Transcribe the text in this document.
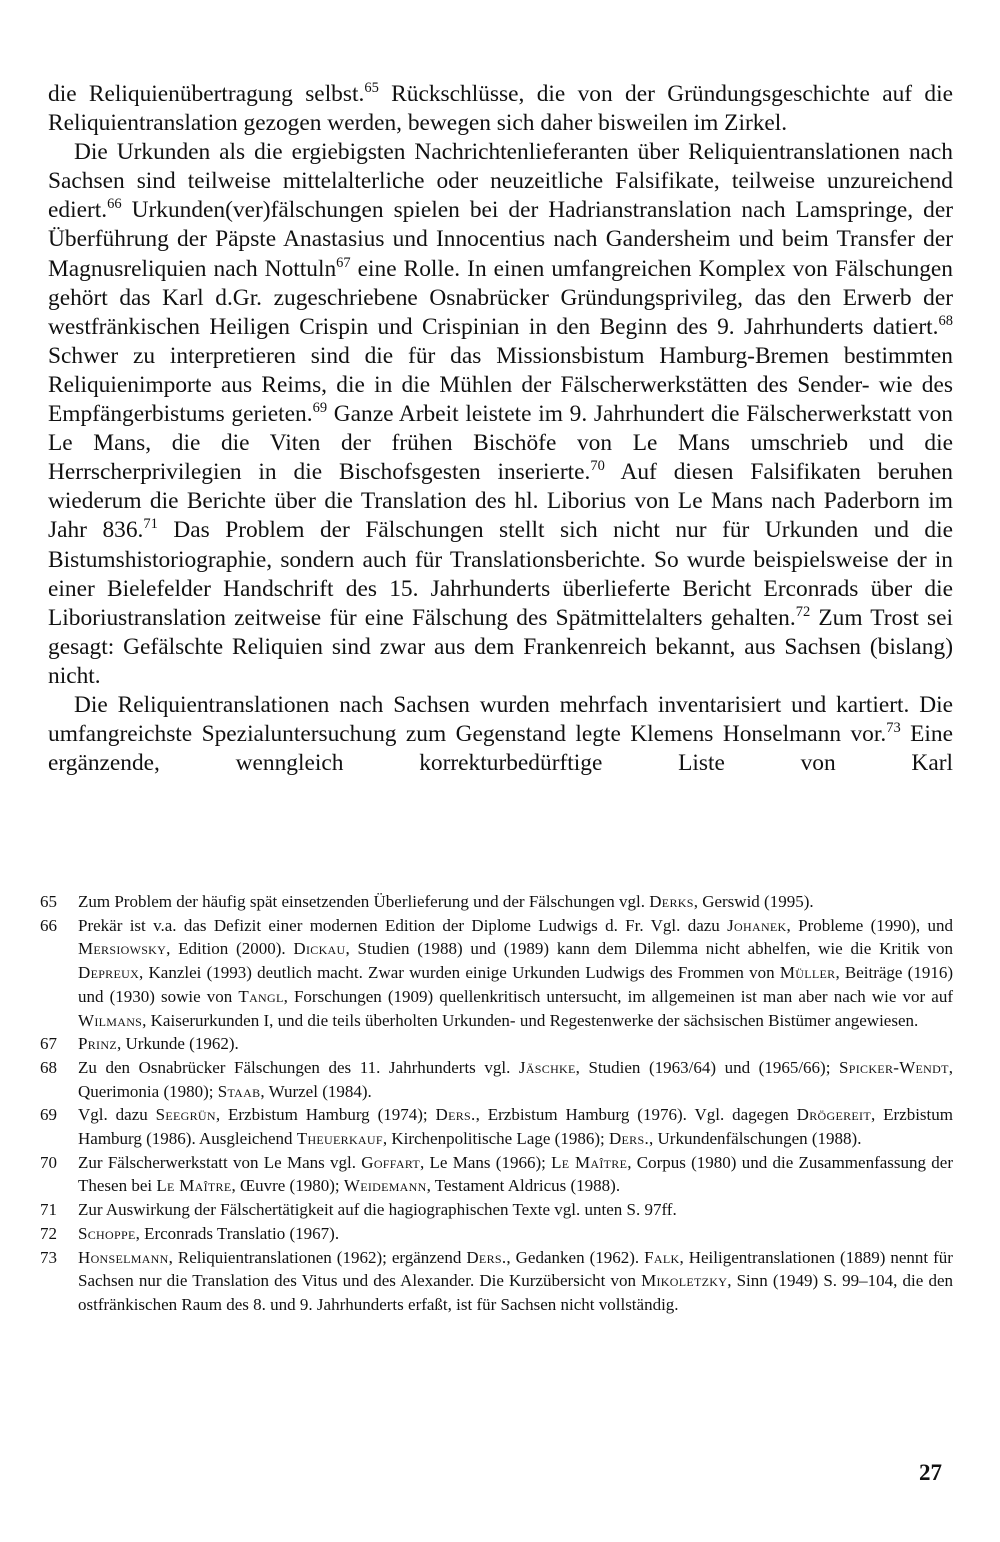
die Reliquienübertragung selbst.$^{65}$ Rückschlüsse, die von der Gründungsgeschichte auf die Reliquientranslation gezogen werden, bewegen sich daher bisweilen im Zirkel.

Die Urkunden als die ergiebigsten Nachrichtenlieferanten über Reliquientranslationen nach Sachsen sind teilweise mittelalterliche oder neuzeitliche Falsifikate, teilweise unzureichend ediert.$^{66}$ Urkunden(ver)fälschungen spielen bei der Hadrianstranslation nach Lamspringe, der Überführung der Päpste Anastasius und Innocentius nach Gandersheim und beim Transfer der Magnusreliquien nach Nottuln$^{67}$ eine Rolle. In einen umfangreichen Komplex von Fälschungen gehört das Karl d.Gr. zugeschriebene Osnabrücker Gründungsprivileg, das den Erwerb der westfränkischen Heiligen Crispin und Crispinian in den Beginn des 9. Jahrhunderts datiert.$^{68}$ Schwer zu interpretieren sind die für das Missionsbistum Hamburg-Bremen bestimmten Reliquienimporte aus Reims, die in die Mühlen der Fälscherwerkstätten des Sender- wie des Empfängerbistums gerieten.$^{69}$ Ganze Arbeit leistete im 9. Jahrhundert die Fälscherwerkstatt von Le Mans, die die Viten der frühen Bischöfe von Le Mans umschrieb und die Herrscherprivilegien in die Bischofsgesten inserierte.$^{70}$ Auf diesen Falsifikaten beruhen wiederum die Berichte über die Translation des hl. Liborius von Le Mans nach Paderborn im Jahr 836.71 Das Problem der Fälschungen stellt sich nicht nur für Urkunden und die Bistumshistoriographie, sondern auch für Translationsberichte. So wurde beispielsweise der in einer Bielefelder Handschrift des 15. Jahrhunderts überlieferte Bericht Erconrads über die Liboriustranslation zeitweise für eine Fälschung des Spätmittelalters gehalten.$^{72}$ Zum Trost sei gesagt: Gefälschte Reliquien sind zwar aus dem Frankenreich bekannt, aus Sachsen (bislang) nicht.

Die Reliquientranslationen nach Sachsen wurden mehrfach inventarisiert und kartiert. Die umfangreichste Spezialuntersuchung zum Gegenstand legte Klemens Honselmann vor.$^{73}$ Eine ergänzende, wenngleich korrekturbedürftige Liste von Karl

65	Zum Problem der häufig spät einsetzenden Überlieferung und der Fälschungen vgl. Derks, Gerswid (1995).
66	Prekär ist v.a. das Defizit einer modernen Edition der Diplome Ludwigs d. Fr. Vgl. dazu Johanek, Probleme (1990), und Mersiowsky, Edition (2000). Dickau, Studien (1988) und (1989) kann dem Dilemma nicht abhelfen, wie die Kritik von Depreux, Kanzlei (1993) deutlich macht. Zwar wurden einige Urkunden Ludwigs des Frommen von Müller, Beiträge (1916) und (1930) sowie von Tangl, Forschungen (1909) quellenkritisch untersucht, im allgemeinen ist man aber nach wie vor auf Wilmans, Kaiserurkunden I, und die teils überholten Urkunden- und Regestenwerke der sächsischen Bistümer angewiesen.
67	Prinz, Urkunde (1962).
68	Zu den Osnabrücker Fälschungen des 11. Jahrhunderts vgl. Jäschke, Studien (1963/64) und (1965/66); Spicker-Wendt, Querimonia (1980); Staab, Wurzel (1984).
69	Vgl. dazu Seegrün, Erzbistum Hamburg (1974); Ders., Erzbistum Hamburg (1976). Vgl. dagegen Drögereit, Erzbistum Hamburg (1986). Ausgleichend Theuerkauf, Kirchenpolitische Lage (1986); Ders., Urkundenfälschungen (1988).
70	Zur Fälscherwerkstatt von Le Mans vgl. Goffart, Le Mans (1966); Le Maître, Corpus (1980) und die Zusammenfassung der Thesen bei Le Maître, Œuvre (1980); Weidemann, Testament Aldricus (1988).
71	Zur Auswirkung der Fälschertätigkeit auf die hagiographischen Texte vgl. unten S. 97ff.
72	Schoppe, Erconrads Translatio (1967).
73	Honselmann, Reliquientranslationen (1962); ergänzend Ders., Gedanken (1962). Falk, Heiligentranslationen (1889) nennt für Sachsen nur die Translation des Vitus und des Alexander. Die Kurzübersicht von Mikoletzky, Sinn (1949) S. 99–104, die den ostfränkischen Raum des 8. und 9. Jahrhunderts erfaßt, ist für Sachsen nicht vollständig.
27
